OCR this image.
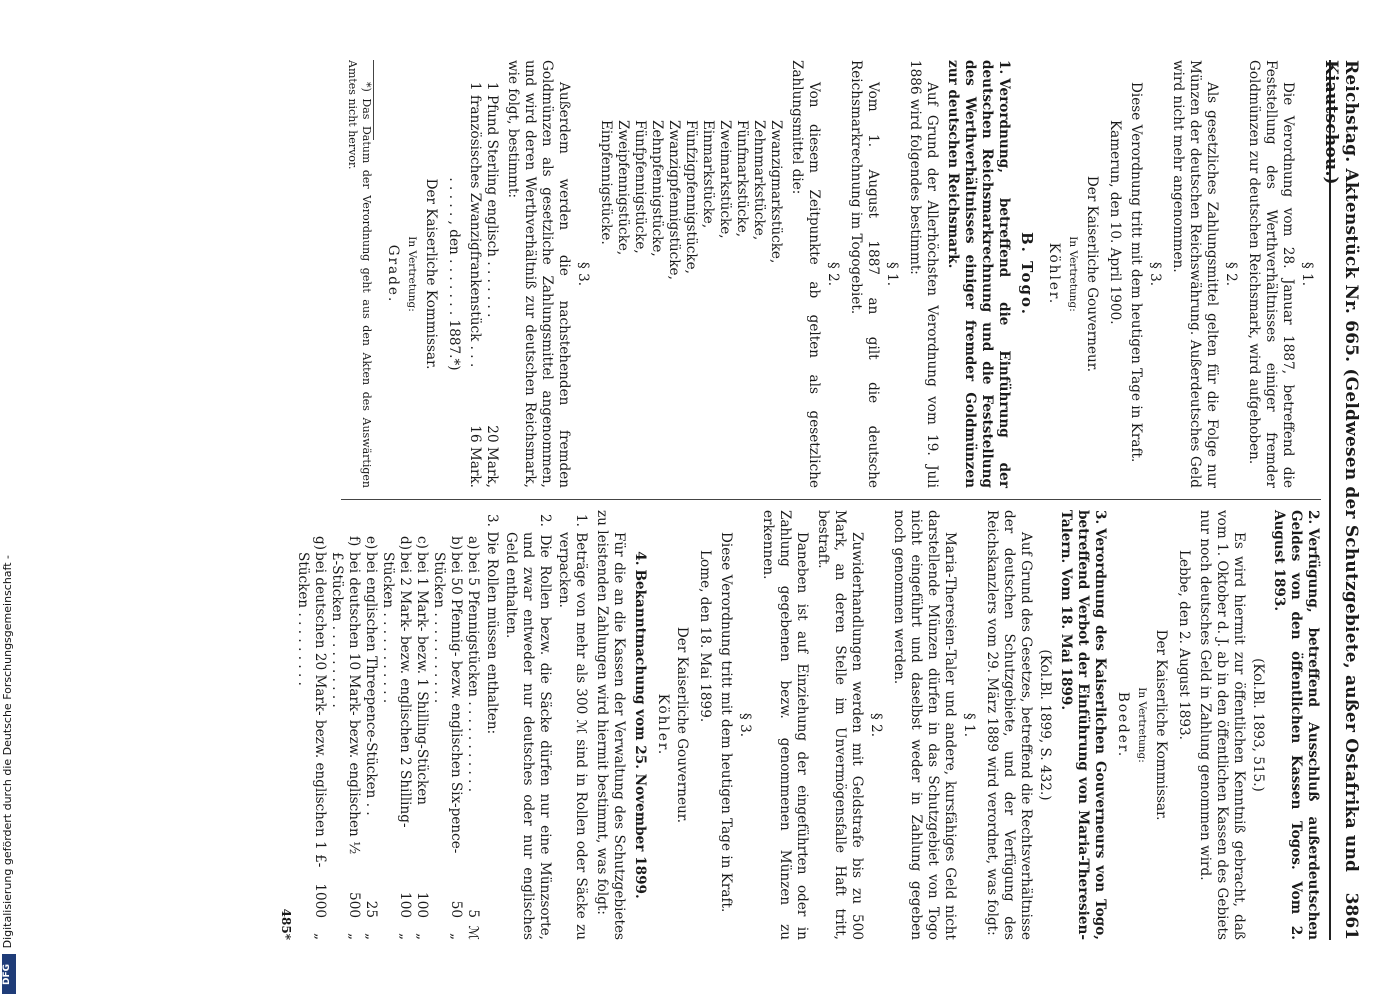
Reichstag. Aktenstück Nr. 665. (Geldwesen der Schutzgebiete, außer Ostafrika und Kiautschou.)
3861
§ 1.

Die Verordnung vom 28. Januar 1887, betreffend die Feststellung des Werthverhältnisses einiger fremder Goldmünzen zur deutschen Reichsmark, wird aufgehoben.

§ 2.

Als gesetzliches Zahlungsmittel gelten für die Folge nur Münzen der deutschen Reichswährung. Außerdeutsches Geld wird nicht mehr angenommen.

§ 3.

Diese Verordnung tritt mit dem heutigen Tage in Kraft.

Kamerun, den 10. April 1900.
Der Kaiserliche Gouverneur.
In Vertretung:
Köhler.
B. Togo.

1.Verordnung, betreffend die Einführung der deutschen Reichsmarkrechnung und die Feststellung des Werthverhältnisses einiger fremder Goldmünzen zur deutschen Reichsmark.

Auf Grund der Allerhöchsten Verordnung vom 19. Juli 1886 wird folgendes bestimmt:

§ 1.

Vom 1. August 1887 an gilt die deutsche Reichsmarkrechnung im Togogebiet.

§ 2.

Von diesem Zeitpunkte ab gelten als gesetzliche Zahlungsmittel die:

Zwanzigmarkstücke,
Zehnmarkstücke,
Fünfmarkstücke,
Zweimarkstücke,
Einmarkstücke,
Fünfzigpfennigstücke,
Zwanzigpfennigstücke,
Zehnpfennigstücke,
Fünfpfennigstücke,
Zweipfennigstücke,
Einpfennigstücke.
§ 3.

Außerdem werden die nachstehenden fremden Goldmünzen als gesetzliche Zahlungsmittel angenommen, und wird deren Werthverhältniß zur deutschen Reichsmark, wie folgt, bestimmt:

1 Pfund Sterling englisch . . . . . . .
20 Mark,
1 französisches Zwanzigfrankenstück . . .
16 Mark.
. . . . . , den . . . . . . . 1887.*)
Der Kaiserliche Kommissar.
In Vertretung:
Grade.

*) Das Datum der Verordnung geht aus den Akten des Auswärtigen Amtes nicht hervor.

2.Verfügung, betreffend Ausschluß außerdeutschen Geldes von den öffentlichen Kassen Togos. Vom 2. August 1893.

(Kol.Bl. 1893, 515.)

Es wird hiermit zur öffentlichen Kenntniß gebracht, daß vom 1. Oktober d. J. ab in den öffentlichen Kassen des Gebiets nur noch deutsches Geld in Zahlung genommen wird.

Lebbe, den 2. August 1893.
Der Kaiserliche Kommissar.
In Vertretung:
Boeder.

3.Verordnung des Kaiserlichen Gouverneurs von Togo, betreffend Verbot der Einführung von Maria-Theresien-Talern. Vom 18. Mai 1899.

(Kol.Bl. 1899, S. 432.)

Auf Grund des Gesetzes, betreffend die Rechtsverhältnisse der deutschen Schutzgebiete, und der Verfügung des Reichskanzlers vom 29. März 1889 wird verordnet, was folgt:

§ 1.

Maria-Theresien-Taler und andere, kursfähiges Geld nicht darstellende Münzen dürfen in das Schutzgebiet von Togo nicht eingeführt und daselbst weder in Zahlung gegeben noch genommen werden.

§ 2.

Zuwiderhandlungen werden mit Geldstrafe bis zu 500 Mark, an deren Stelle im Unvermögensfalle Haft tritt, bestraft.

Daneben ist auf Einziehung der eingeführten oder in Zahlung gegebenen bezw. genommenen Münzen zu erkennen.

§ 3.

Diese Verordnung tritt mit dem heutigen Tage in Kraft.

Lome, den 18. Mai 1899.
Der Kaiserliche Gouverneur.
Köhler.

4.Bekanntmachung vom 25. November 1899.

Für die an die Kassen der Verwaltung des Schutzgebietes zu leistenden Zahlungen wird hiermit bestimmt, was folgt:

1. Beträge von mehr als 300 ℳ sind in Rollen oder Säcke zu verpacken.
2. Die Rollen bezw. die Säcke dürfen nur eine Münzsorte, und zwar entweder nur deutsches oder nur englisches Geld enthalten.
3. Die Rollen müssen enthalten:
a)
bei 5 Pfennigstücken . . . . . . . . . . .
5
ℳ
b)
bei 50 Pfennig- bezw. englischen Six-pence-Stücken . . . . . . . . . . .
50
„
c)
bei 1 Mark- bezw. 1 Shilling-Stücken
100
„
d)
bei 2 Mark- bezw. englischen 2 Shilling-Stücken . . . . . . . . . . .
100
„
e)
bei englischen Threepence-Stücken . .
25
„
f)
bei deutschen 10 Mark- bezw. englischen ½ £-Stücken . . . . . . . . . .
500
„
g)
bei deutschen 20 Mark- bezw. englischen 1 £-Stücken . . . . . . . . .
1000
„
485*
Digitalisierung gefördert durch die Deutsche Forschungsgemeinschaft -
DFG
